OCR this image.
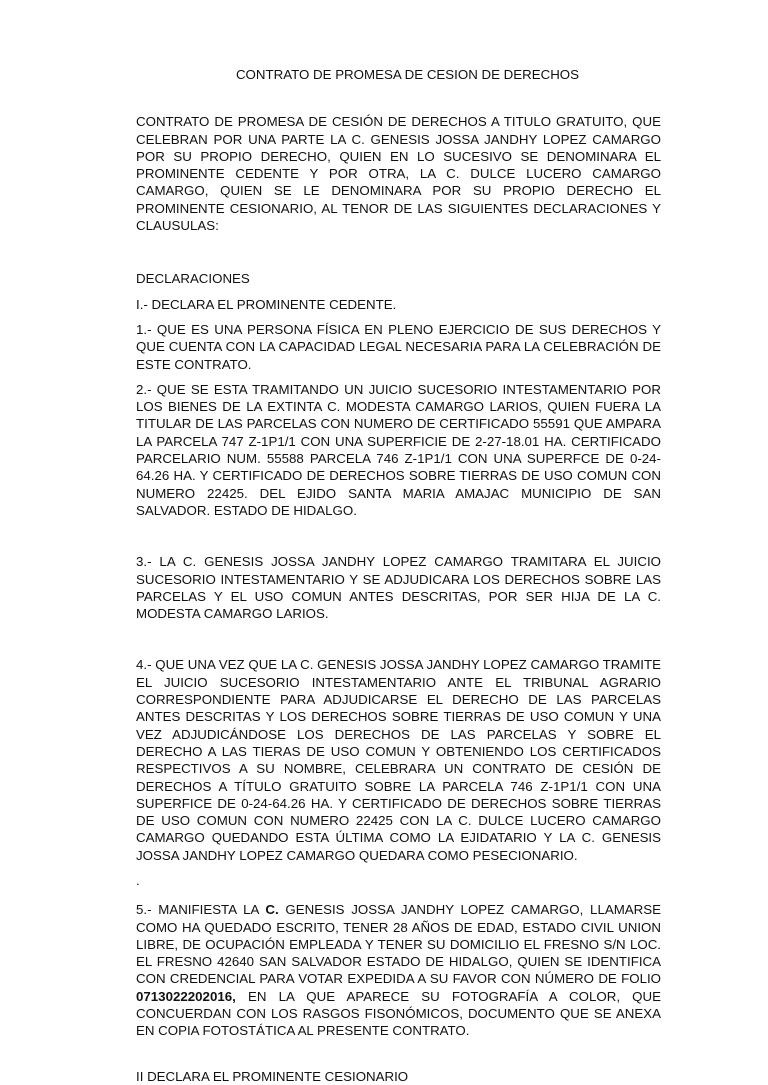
CONTRATO DE PROMESA DE CESION DE DERECHOS

CONTRATO DE PROMESA DE CESIÓN DE DERECHOS A TITULO GRATUITO, QUE CELEBRAN POR UNA PARTE LA C. GENESIS JOSSA JANDHY LOPEZ CAMARGO POR SU PROPIO DERECHO, QUIEN EN LO SUCESIVO SE DENOMINARA EL PROMINENTE CEDENTE Y POR OTRA, LA C. DULCE LUCERO CAMARGO CAMARGO, QUIEN SE LE DENOMINARA POR SU PROPIO DERECHO EL PROMINENTE CESIONARIO, AL TENOR DE LAS SIGUIENTES DECLARACIONES Y CLAUSULAS:

DECLARACIONES

I.- DECLARA EL PROMINENTE CEDENTE.

1.- QUE ES UNA PERSONA FÍSICA EN PLENO EJERCICIO DE SUS DERECHOS Y QUE CUENTA CON LA CAPACIDAD LEGAL NECESARIA PARA LA CELEBRACIÓN DE ESTE CONTRATO.

2.- QUE SE ESTA TRAMITANDO UN JUICIO SUCESORIO INTESTAMENTARIO POR LOS BIENES DE LA EXTINTA C. MODESTA CAMARGO LARIOS, QUIEN FUERA LA TITULAR DE LAS PARCELAS CON NUMERO DE CERTIFICADO 55591 QUE AMPARA LA PARCELA 747 Z-1P1/1 CON UNA SUPERFICIE DE 2-27-18.01 HA. CERTIFICADO PARCELARIO NUM. 55588 PARCELA 746 Z-1P1/1 CON UNA SUPERFCE DE 0-24-64.26 HA. Y CERTIFICADO DE DERECHOS SOBRE TIERRAS DE USO COMUN CON NUMERO 22425. DEL EJIDO SANTA MARIA AMAJAC MUNICIPIO DE SAN SALVADOR. ESTADO DE HIDALGO.

3.- LA C. GENESIS JOSSA JANDHY LOPEZ CAMARGO TRAMITARA EL JUICIO SUCESORIO INTESTAMENTARIO Y SE ADJUDICARA LOS DERECHOS SOBRE LAS PARCELAS Y EL USO COMUN ANTES DESCRITAS, POR SER HIJA DE LA C. MODESTA CAMARGO LARIOS.

4.- QUE UNA VEZ QUE LA C. GENESIS JOSSA JANDHY LOPEZ CAMARGO TRAMITE EL JUICIO SUCESORIO INTESTAMENTARIO ANTE EL TRIBUNAL AGRARIO CORRESPONDIENTE PARA ADJUDICARSE EL DERECHO DE LAS PARCELAS ANTES DESCRITAS Y LOS DERECHOS SOBRE TIERRAS DE USO COMUN Y UNA VEZ ADJUDICÁNDOSE LOS DERECHOS DE LAS PARCELAS Y SOBRE EL DERECHO A LAS TIERAS DE USO COMUN Y OBTENIENDO LOS CERTIFICADOS RESPECTIVOS A SU NOMBRE, CELEBRARA UN CONTRATO DE CESIÓN DE DERECHOS A TÍTULO GRATUITO SOBRE LA PARCELA 746 Z-1P1/1 CON UNA SUPERFICE DE 0-24-64.26 HA. Y CERTIFICADO DE DERECHOS SOBRE TIERRAS DE USO COMUN CON NUMERO 22425 CON LA C. DULCE LUCERO CAMARGO CAMARGO QUEDANDO ESTA ÚLTIMA COMO LA EJIDATARIO Y LA C. GENESIS JOSSA JANDHY LOPEZ CAMARGO QUEDARA COMO PESECIONARIO.

.

5.- MANIFIESTA LA C. GENESIS JOSSA JANDHY LOPEZ CAMARGO, LLAMARSE COMO HA QUEDADO ESCRITO, TENER 28 AÑOS DE EDAD, ESTADO CIVIL UNION LIBRE, DE OCUPACIÓN EMPLEADA Y TENER SU DOMICILIO EL FRESNO S/N LOC. EL FRESNO 42640 SAN SALVADOR ESTADO DE HIDALGO, QUIEN SE IDENTIFICA CON CREDENCIAL PARA VOTAR EXPEDIDA A SU FAVOR CON NÚMERO DE FOLIO 0713022202016, EN LA QUE APARECE SU FOTOGRAFÍA A COLOR, QUE CONCUERDAN CON LOS RASGOS FISONÓMICOS, DOCUMENTO QUE SE ANEXA EN COPIA FOTOSTÁTICA AL PRESENTE CONTRATO.

II DECLARA EL PROMINENTE CESIONARIO
